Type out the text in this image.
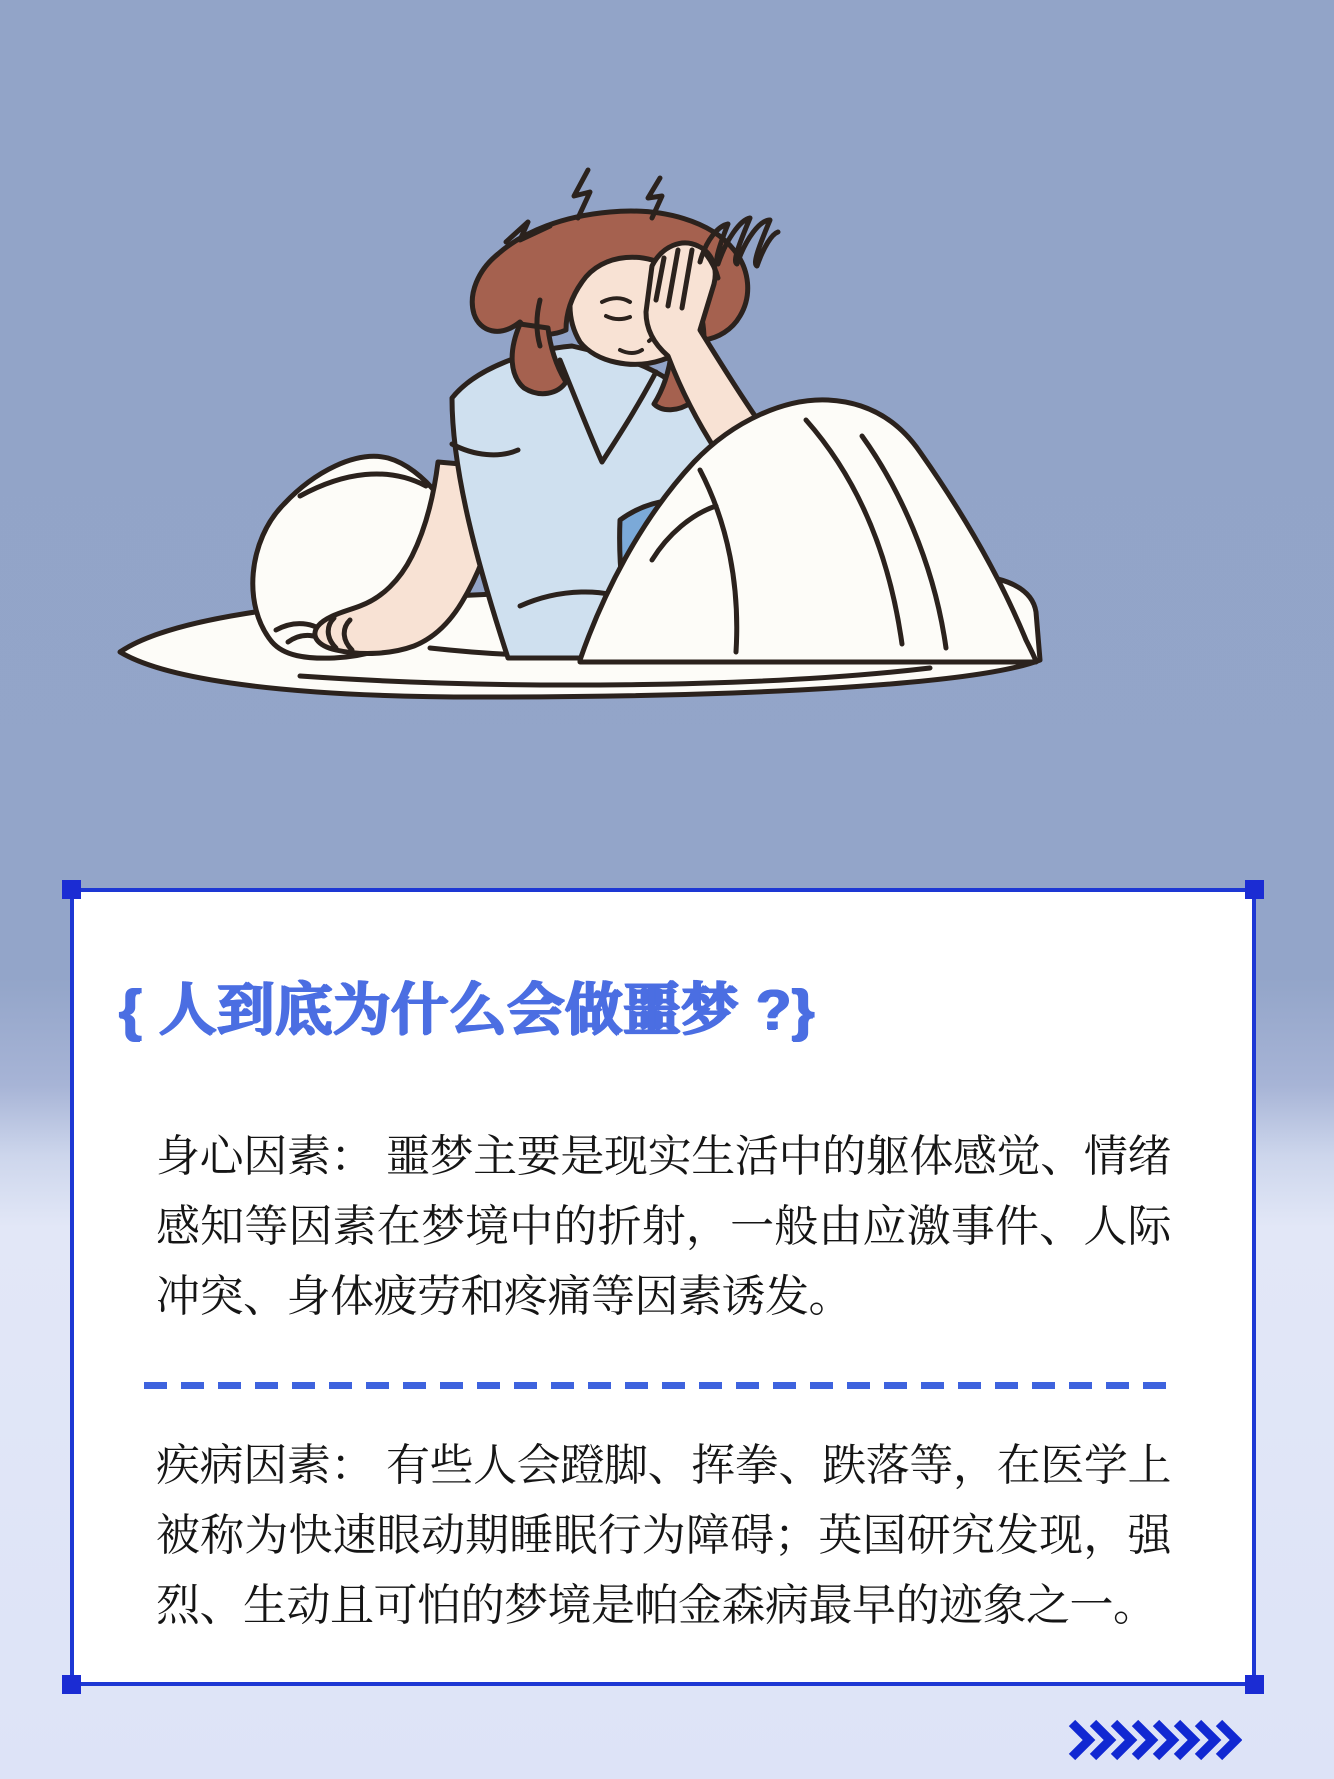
{ 人到底为什么会做噩梦 ?}

身心因素： 噩梦主要是现实生活中的躯体感觉、情绪感知等因素在梦境中的折射，一般由应激事件、人际冲突、身体疲劳和疼痛等因素诱发。

疾病因素： 有些人会蹬脚、挥拳、跌落等，在医学上被称为快速眼动期睡眠行为障碍；英国研究发现，强烈、生动且可怕的梦境是帕金森病最早的迹象之一。
